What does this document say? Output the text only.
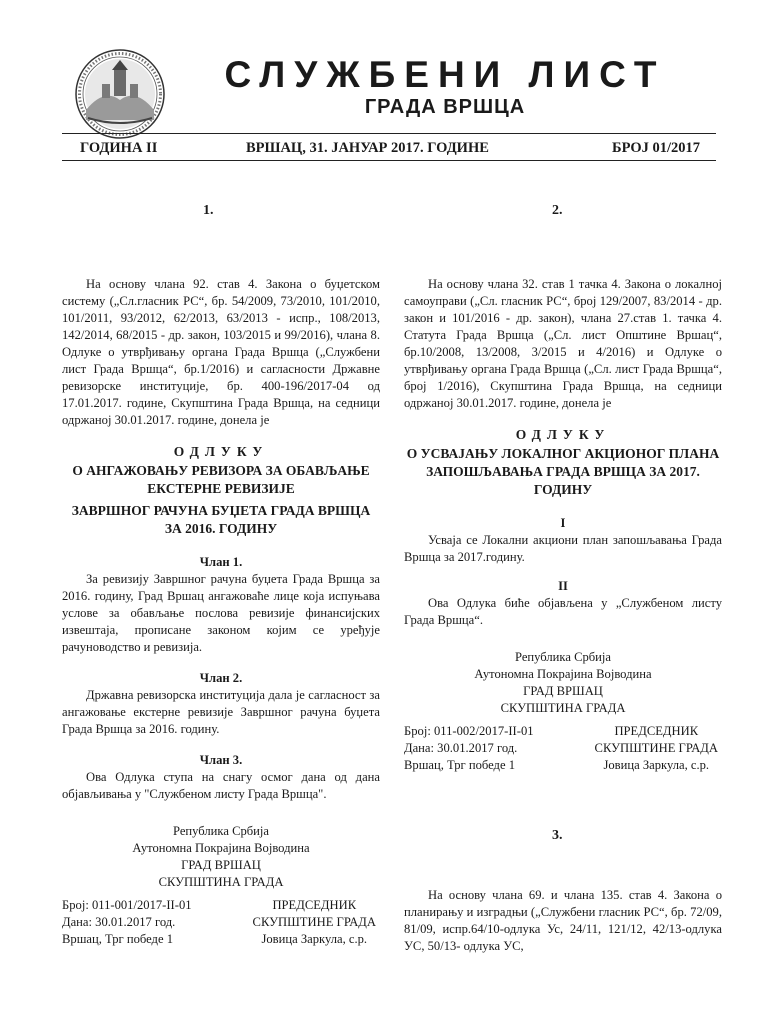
СЛУЖБЕНИ ЛИСТ
ГРАДА ВРШЦА
ГОДИНА II	ВРШАЦ, 31. ЈАНУАР 2017. ГОДИНЕ	БРОЈ 01/2017
1.

На основу члана 92. став 4. Закона о буџетском систему („Сл.гласник РС“, бр. 54/2009, 73/2010, 101/2010, 101/2011, 93/2012, 62/2013, 63/2013 - испр., 108/2013, 142/2014, 68/2015 - др. закон, 103/2015 и 99/2016), члана 8. Одлуке о утврђивању органа Града Вршца („Службени лист Града Вршца“, бр.1/2016) и сагласности Државне ревизорске институције, бр. 400-196/2017-04 од 17.01.2017. године, Скупштина Града Вршца, на седници одржаној 30.01.2017. године, донела је

ОДЛУКУ

О АНГАЖОВАЊУ РЕВИЗОРА ЗА ОБАВЉАЊЕ ЕКСТЕРНЕ РЕВИЗИЈЕ

ЗАВРШНОГ РАЧУНА БУЏЕТА ГРАДА ВРШЦА ЗА 2016. ГОДИНУ

Члан 1.

За ревизију Завршног рачуна буџета Града Вршца за 2016. годину, Град Вршац ангажоваће лице која испуњава услове за обављање послова ревизије финансијских извештаја, прописане законом којим се уређује рачуноводство и ревизија.

Члан 2.

Државна ревизорска институција дала је сагласност за ангажовање екстерне ревизије Завршног рачуна буџета Града Вршца за 2016. годину.

Члан 3.

Ова Одлука ступа на снагу осмог дана од дана објављивања у "Службеном листу Града Вршца".

Република Србија

Аутономна Покрајина Војводина

ГРАД ВРШАЦ

СКУПШТИНА ГРАДА

Број: 011-001/2017-II-01

Дана: 30.01.2017 год.

Вршац, Трг победе 1

ПРЕДСЕДНИК

СКУПШТИНЕ ГРАДА

Јовица Заркула, с.р.

2.

На основу члана 32. став 1 тачка 4. Закона о локалној самоуправи („Сл. гласник РС“, број 129/2007, 83/2014 - др. закон и 101/2016 - др. закон), члана 27.став 1. тачка 4. Статута Града Вршца („Сл. лист Општине Вршац“, бр.10/2008, 13/2008, 3/2015 и 4/2016) и Одлуке о утврђивању органа Града Вршца („Сл. лист Града Вршца“, број 1/2016), Скупштина Града Вршца, на седници одржаној 30.01.2017. године, донела је

ОДЛУКУ

О УСВАЈАЊУ ЛОКАЛНОГ АКЦИОНОГ ПЛАНА ЗАПОШЉАВАЊА ГРАДА ВРШЦА ЗА 2017. ГОДИНУ

I

Усваја се Локални акциони план запошљавања Града Вршца за 2017.годину.

II

Ова Одлука биће објављена у „Службеном листу Града Вршца“.

Република Србија

Аутономна Покрајина Војводина

ГРАД ВРШАЦ

СКУПШТИНА ГРАДА

Број: 011-002/2017-II-01

Дана: 30.01.2017 год.

Вршац, Трг победе 1

ПРЕДСЕДНИК

СКУПШТИНЕ ГРАДА

Јовица Заркула, с.р.

3.

На основу члана 69. и члана 135. став 4. Закона о планирању и изградњи („Службени гласник РС“, бр. 72/09, 81/09, испр.64/10-одлука Ус, 24/11, 121/12, 42/13-одлука УС, 50/13- одлука УС,
